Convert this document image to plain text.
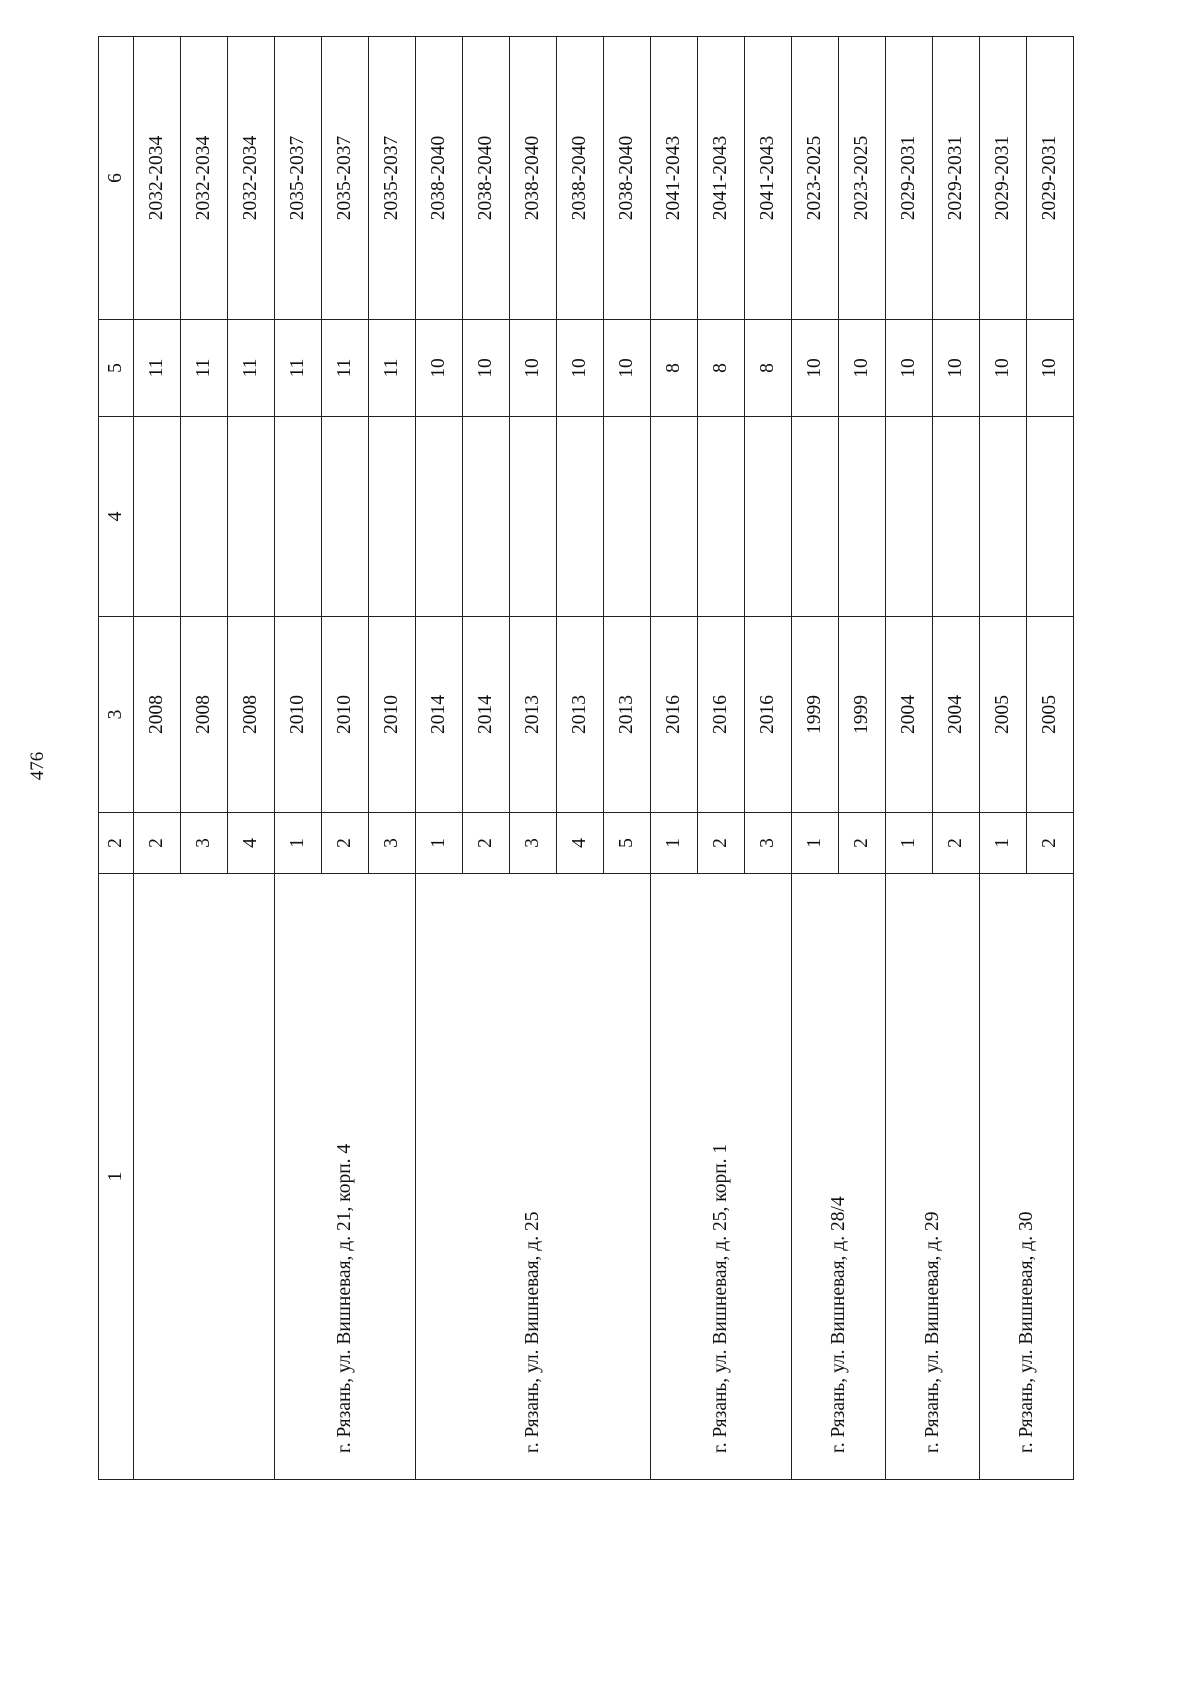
476
1	2	3	4	5	6
	2	2008		11	2032-2034
	3	2008		11	2032-2034
	4	2008		11	2032-2034
г. Рязань, ул. Вишневая, д. 21, корп. 4	1	2010		11	2035-2037
	2	2010		11	2035-2037
	3	2010		11	2035-2037
г. Рязань, ул. Вишневая, д. 25	1	2014		10	2038-2040
	2	2014		10	2038-2040
	3	2013		10	2038-2040
	4	2013		10	2038-2040
	5	2013		10	2038-2040
г. Рязань, ул. Вишневая, д. 25, корп. 1	1	2016		8	2041-2043
	2	2016		8	2041-2043
	3	2016		8	2041-2043
г. Рязань, ул. Вишневая, д. 28/4	1	1999		10	2023-2025
	2	1999		10	2023-2025
г. Рязань, ул. Вишневая, д. 29	1	2004		10	2029-2031
	2	2004		10	2029-2031
г. Рязань, ул. Вишневая, д. 30	1	2005		10	2029-2031
	2	2005		10	2029-2031
